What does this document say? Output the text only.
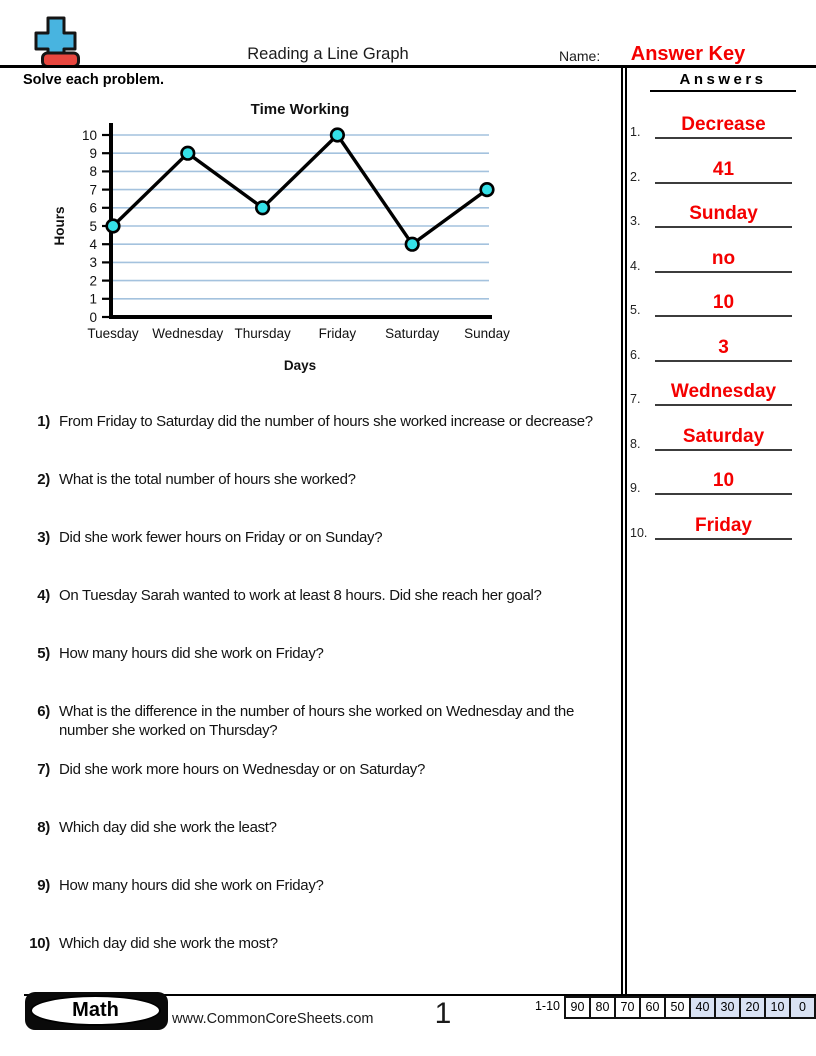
Reading a Line Graph	Name:	Answer Key
Solve each problem.
0
1
2
3
4
5
6
7
8
9
10
Tuesday Wednesday Thursday Friday Saturday Sunday
Time Working
Hours
Days
1) From Friday to Saturday did the number of hours she worked increase or decrease?
2) What is the total number of hours she worked?
3) Did she work fewer hours on Friday or on Sunday?
4) On Tuesday Sarah wanted to work at least 8 hours. Did she reach her goal?
5) How many hours did she work on Friday?
6) What is the difference in the number of hours she worked on Wednesday and the number she worked on Thursday?
7) Did she work more hours on Wednesday or on Saturday?
8) Which day did she work the least?
9) How many hours did she work on Friday?
10) Which day did she work the most?
Answers
1.	Decrease
2.	41
3.	Sunday
4.	no
5.	10
6.	3
7.	Wednesday
8.	Saturday
9.	10
10.	Friday
Math	www.CommonCoreSheets.com	1	1-10 90 80 70 60 50 40 30 20 10	0
